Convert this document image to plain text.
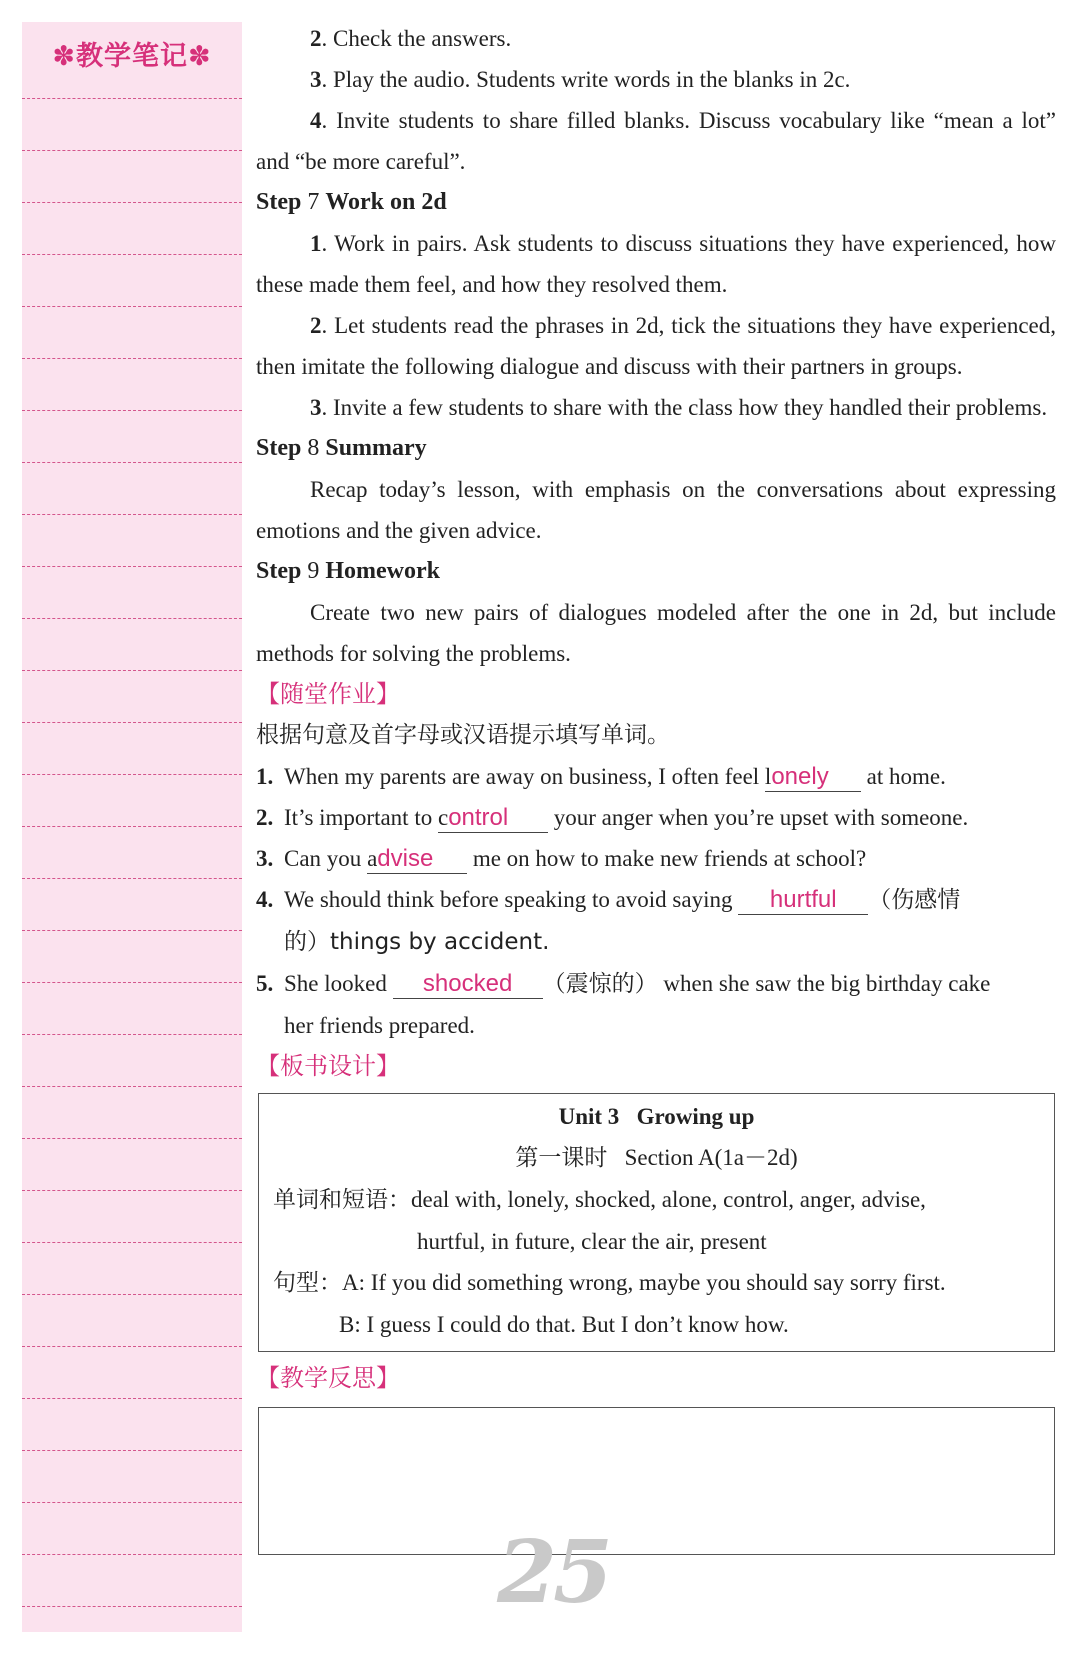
✽教学笔记✽

2. Check the answers.

3. Play the audio. Students write words in the blanks in 2c.

4. Invite students to share filled blanks. Discuss vocabulary like “mean a lot” and “be more careful”.

Step 7 Work on 2d

1. Work in pairs. Ask students to discuss situations they have experienced, how these made them feel, and how they resolved them.

2. Let students read the phrases in 2d, tick the situations they have experienced, then imitate the following dialogue and discuss with their partners in groups.

3. Invite a few students to share with the class how they handled their problems.

Step 8 Summary

Recap today’s lesson, with emphasis on the conversations about expressing emotions and the given advice.

Step 9 Homework

Create two new pairs of dialogues modeled after the one in 2d, but include methods for solving the problems.

【随堂作业】

根据句意及首字母或汉语提示填写单词。

1. When my parents are away on business, I often feel lonely at home.

2. It’s important to control your anger when you’re upset with someone.

3. Can you advise me on how to make new friends at school?

4. We should think before speaking to avoid saying hurtful （伤感情

的）things by accident.

5. She looked shocked （震惊的） when she saw the big birthday cake

her friends prepared.

【板书设计】

Unit 3 Growing up

第一课时 Section A(1a－2d)

单词和短语：deal with, lonely, shocked, alone, control, anger, advise,

hurtful, in future, clear the air, present

句型：A: If you did something wrong, maybe you should say sorry first.

B: I guess I could do that. But I don’t know how.

【教学反思】

25
